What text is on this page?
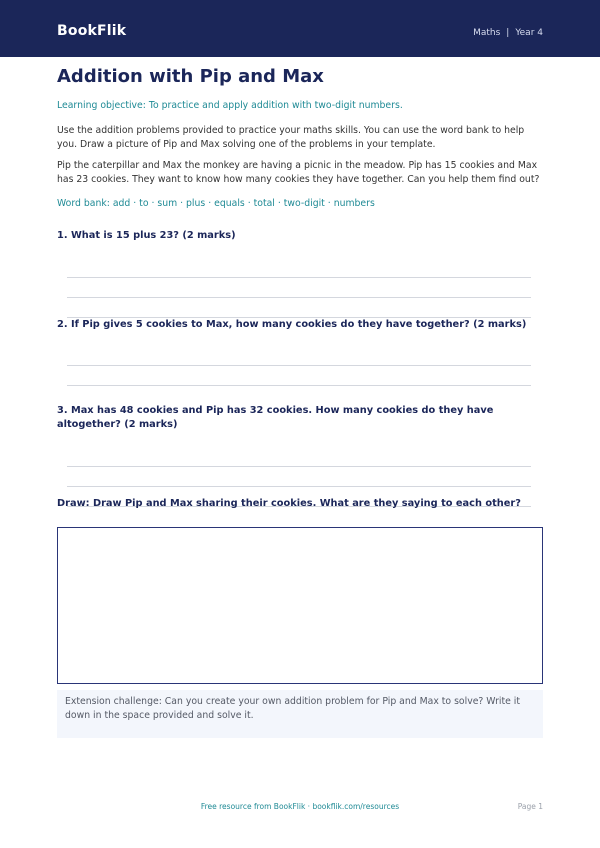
BookFlik	Maths | Year 4
Addition with Pip and Max
Learning objective: To practice and apply addition with two-digit numbers.

Use the addition problems provided to practice your maths skills. You can use the word bank to help you. Draw a picture of Pip and Max solving one of the problems in your template.

Pip the caterpillar and Max the monkey are having a picnic in the meadow. Pip has 15 cookies and Max has 23 cookies. They want to know how many cookies they have together. Can you help them find out?

Word bank: add · to · sum · plus · equals · total · two-digit · numbers

1. What is 15 plus 23? (2 marks)

2. If Pip gives 5 cookies to Max, how many cookies do they have together? (2 marks)

3. Max has 48 cookies and Pip has 32 cookies. How many cookies do they have altogether? (2 marks)

Draw: Draw Pip and Max sharing their cookies. What are they saying to each other?

Extension challenge: Can you create your own addition problem for Pip and Max to solve? Write it down in the space provided and solve it.
Free resource from BookFlik · bookflik.com/resources	Page 1
